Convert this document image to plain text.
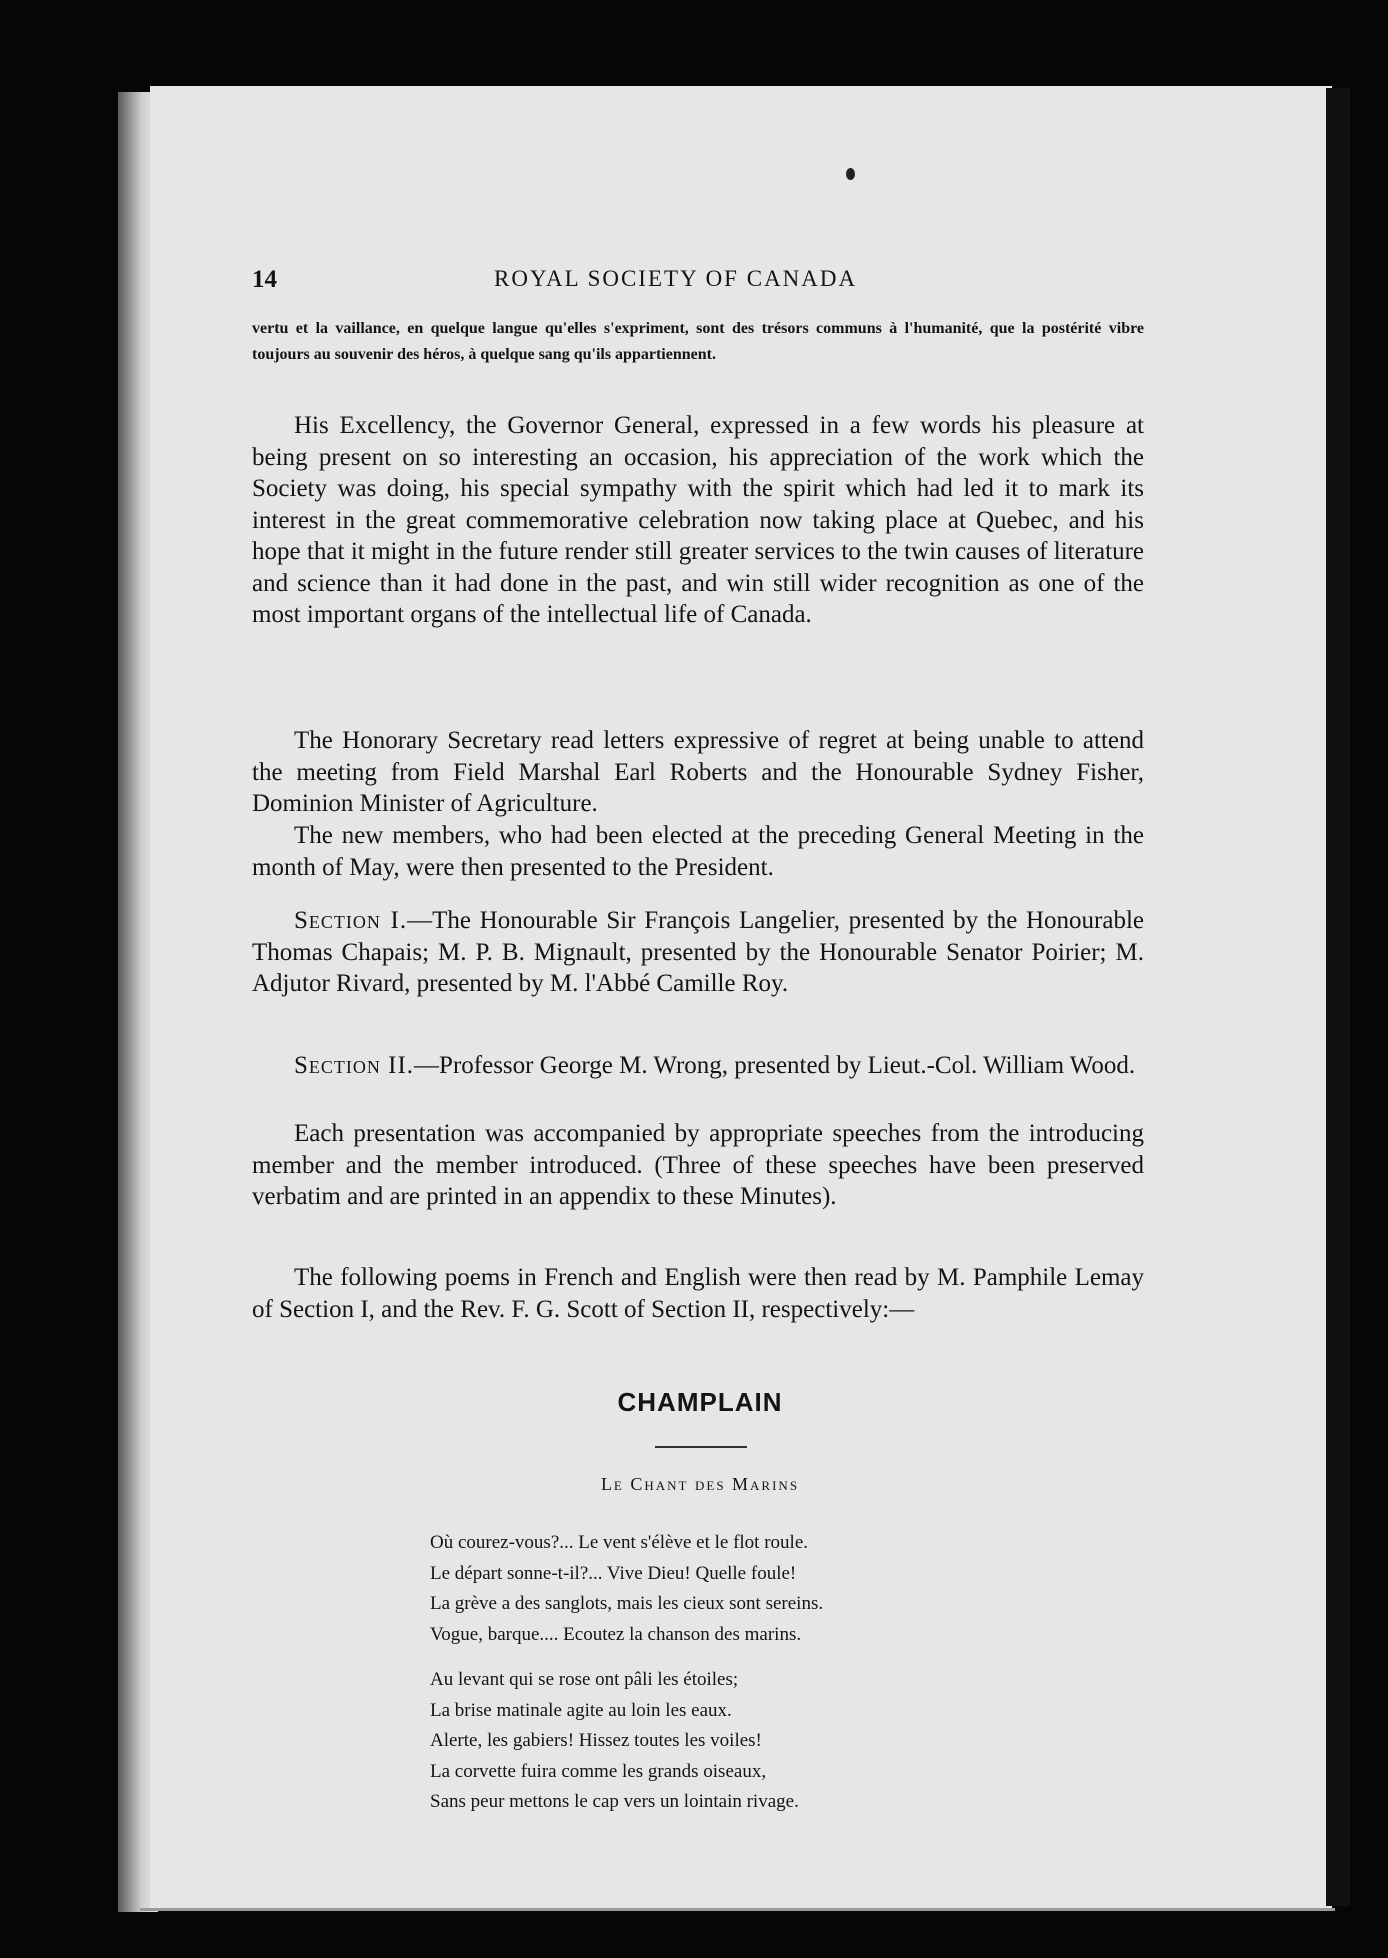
14	ROYAL SOCIETY OF CANADA
vertu et la vaillance, en quelque langue qu'elles s'expriment, sont des trésors communs à l'humanité, que la postérité vibre toujours au souvenir des héros, à quelque sang qu'ils appartiennent.

His Excellency, the Governor General, expressed in a few words his pleasure at being present on so interesting an occasion, his appreciation of the work which the Society was doing, his special sympathy with the spirit which had led it to mark its interest in the great commemorative celebration now taking place at Quebec, and his hope that it might in the future render still greater services to the twin causes of literature and science than it had done in the past, and win still wider recognition as one of the most important organs of the intellectual life of Canada.

The Honorary Secretary read letters expressive of regret at being unable to attend the meeting from Field Marshal Earl Roberts and the Honourable Sydney Fisher, Dominion Minister of Agriculture.

The new members, who had been elected at the preceding General Meeting in the month of May, were then presented to the President.

Section I.—The Honourable Sir François Langelier, presented by the Honourable Thomas Chapais; M. P. B. Mignault, presented by the Honourable Senator Poirier; M. Adjutor Rivard, presented by M. l'Abbé Camille Roy.

Section II.—Professor George M. Wrong, presented by Lieut.-Col. William Wood.

Each presentation was accompanied by appropriate speeches from the introducing member and the member introduced. (Three of these speeches have been preserved verbatim and are printed in an appendix to these Minutes).

The following poems in French and English were then read by M. Pamphile Lemay of Section I, and the Rev. F. G. Scott of Section II, respectively:—

CHAMPLAIN
Le Chant des Marins
Où courez-vous?... Le vent s'élève et le flot roule.
Le départ sonne-t-il?... Vive Dieu! Quelle foule!
La grève a des sanglots, mais les cieux sont sereins.
Vogue, barque.... Ecoutez la chanson des marins.
Au levant qui se rose ont pâli les étoiles;
La brise matinale agite au loin les eaux.
Alerte, les gabiers! Hissez toutes les voiles!
La corvette fuira comme les grands oiseaux,
Sans peur mettons le cap vers un lointain rivage.
